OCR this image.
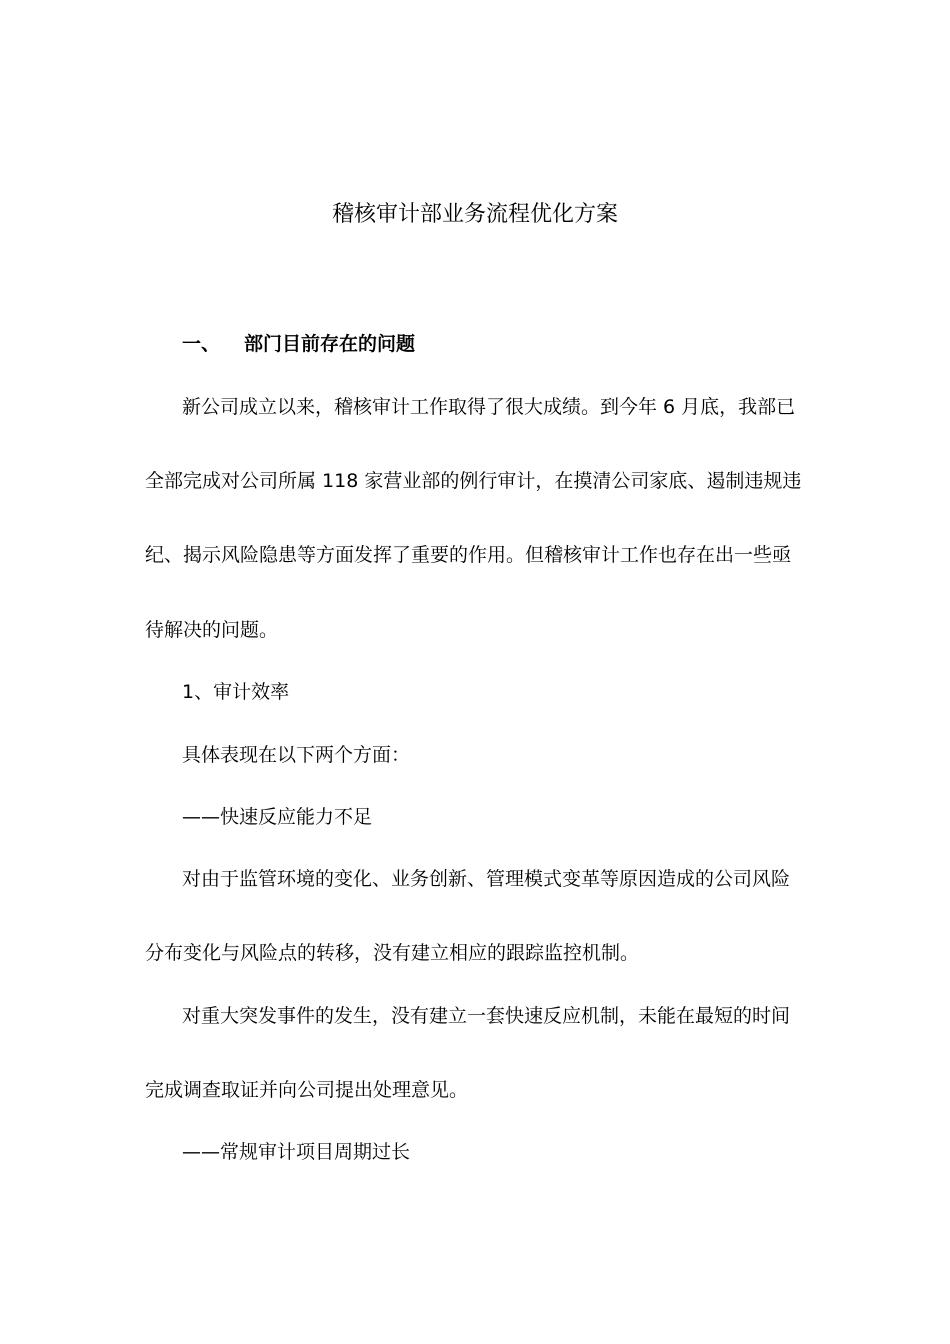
稽核审计部业务流程优化方案
一、 部门目前存在的问题
新公司成立以来，稽核审计工作取得了很大成绩。到今年 6 月底，我部已
全部完成对公司所属 118 家营业部的例行审计，在摸清公司家底、遏制违规违
纪、揭示风险隐患等方面发挥了重要的作用。但稽核审计工作也存在出一些亟
待解决的问题。
1、审计效率
具体表现在以下两个方面：
——快速反应能力不足
对由于监管环境的变化、业务创新、管理模式变革等原因造成的公司风险
分布变化与风险点的转移，没有建立相应的跟踪监控机制。
对重大突发事件的发生，没有建立一套快速反应机制，未能在最短的时间
完成调查取证并向公司提出处理意见。
——常规审计项目周期过长
